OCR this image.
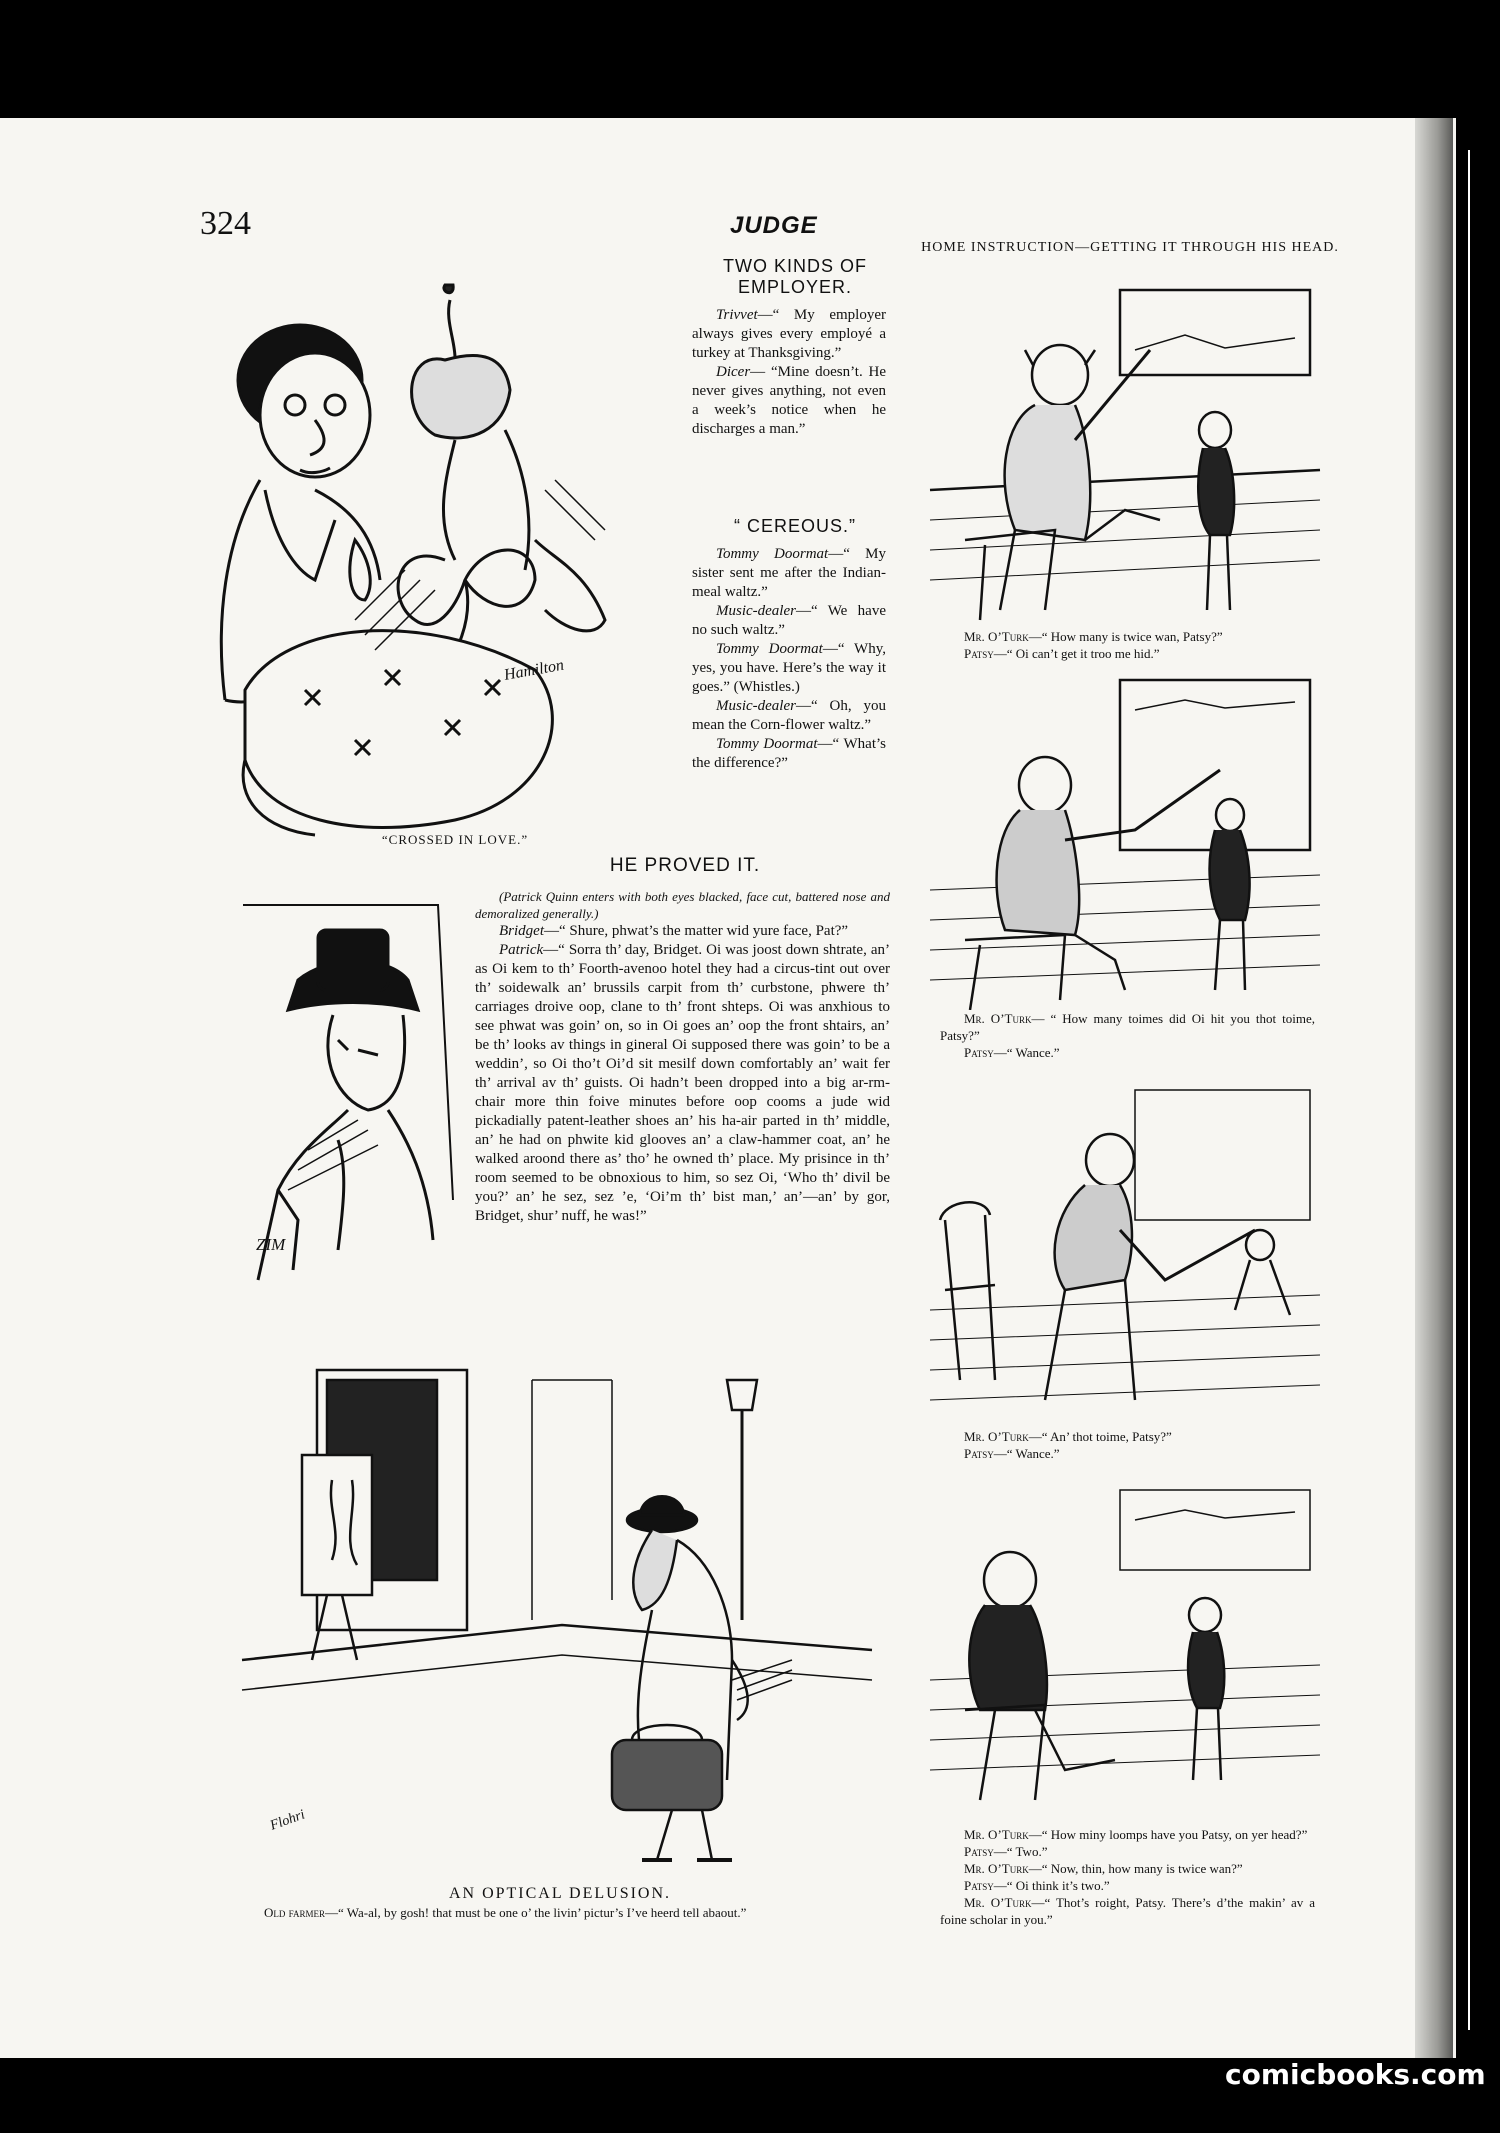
324	JUDGE
Hamilton
“CROSSED IN LOVE.”
TWO KINDS OF EMPLOYER.

Trivvet—“ My employer always gives every employé a turkey at Thanksgiving.”

Dicer— “Mine doesn’t. He never gives anything, not even a week’s notice when he discharges a man.”

“ CEREOUS.”

Tommy Doormat—“ My sister sent me after the Indian-meal waltz.”

Music-dealer—“ We have no such waltz.”

Tommy Doormat—“ Why, yes, you have. Here’s the way it goes.” (Whistles.)

Music-dealer—“ Oh, you mean the Corn-flower waltz.”

Tommy Doormat—“ What’s the difference?”

HE PROVED IT.
ZIM

(Patrick Quinn enters with both eyes blacked, face cut, battered nose and demoralized generally.)

Bridget—“ Shure, phwat’s the matter wid yure face, Pat?”

Patrick—“ Sorra th’ day, Bridget. Oi was joost down shtrate, an’ as Oi kem to th’ Foorth-avenoo hotel they had a circus-tint out over th’ soidewalk an’ brussils carpit from th’ curbstone, phwere th’ carriages droive oop, clane to th’ front shteps. Oi was anxhious to see phwat was goin’ on, so in Oi goes an’ oop the front shtairs, an’ be th’ looks av things in gineral Oi supposed there was goin’ to be a weddin’, so Oi tho’t Oi’d sit mesilf down comfortably an’ wait fer th’ arrival av th’ guists. Oi hadn’t been dropped into a big ar-rm-chair more thin foive minutes before oop cooms a jude wid pickadially patent-leather shoes an’ his ha-air parted in th’ middle, an’ he had on phwite kid glooves an’ a claw-hammer coat, an’ he walked aroond there as’ tho’ he owned th’ place. My prisince in th’ room seemed to be obnoxious to him, so sez Oi, ‘Who th’ divil be you?’ an’ he sez, sez ’e, ‘Oi’m th’ bist man,’ an’—an’ by gor, Bridget, shur’ nuff, he was!”

Flohri
AN OPTICAL DELUSION.

Old farmer—“ Wa-al, by gosh! that must be one o’ the livin’ pictur’s I’ve heerd tell abaout.”

HOME INSTRUCTION—GETTING IT THROUGH HIS HEAD.

Mr. O’Turk—“ How many is twice wan, Patsy?”

Patsy—“ Oi can’t get it troo me hid.”

Mr. O’Turk— “ How many toimes did Oi hit you thot toime, Patsy?”

Patsy—“ Wance.”

Mr. O’Turk—“ An’ thot toime, Patsy?”

Patsy—“ Wance.”

Mr. O’Turk—“ How miny loomps have you Patsy, on yer head?”

Patsy—“ Two.”

Mr. O’Turk—“ Now, thin, how many is twice wan?”

Patsy—“ Oi think it’s two.”

Mr. O’Turk—“ Thot’s roight, Patsy. There’s d’the makin’ av a foine scholar in you.”

comicbooks.com
